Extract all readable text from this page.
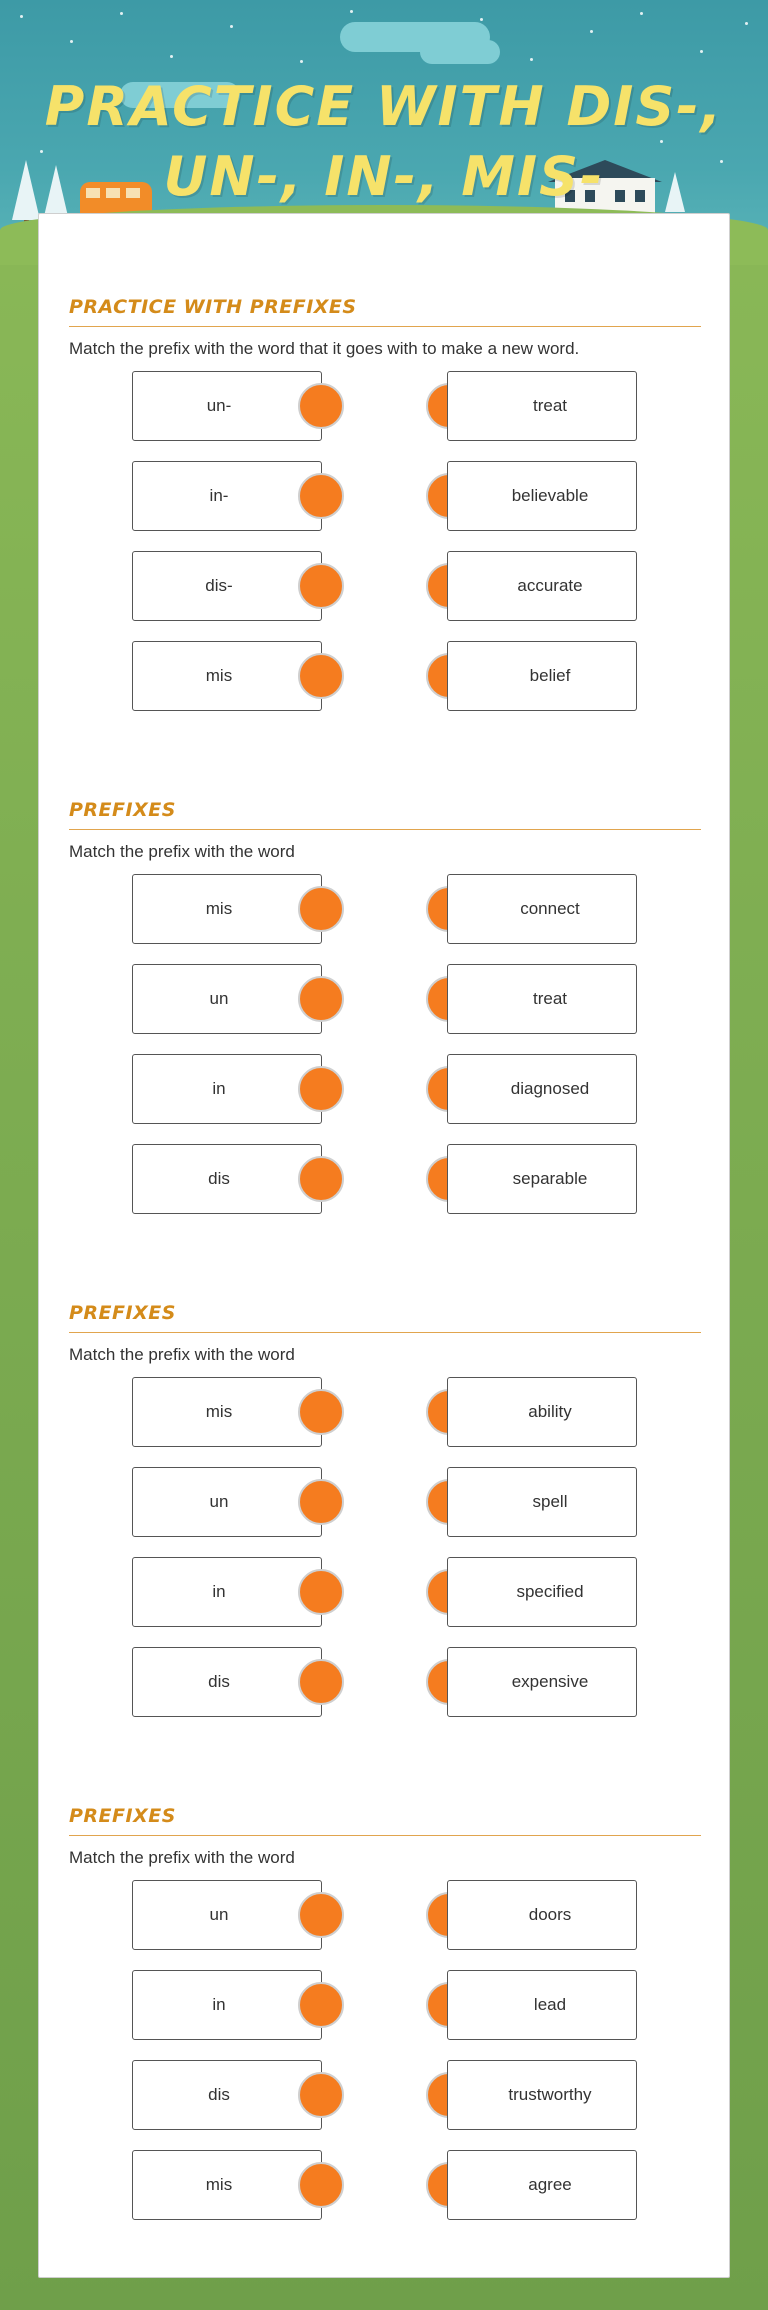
PRACTICE WITH DIS-, UN-, IN-, MIS-
PRACTICE WITH PREFIXES
Match the prefix with the word that it goes with to make a new word.
un-	treat
in-	believable
dis-	accurate
mis	belief
PREFIXES
Match the prefix with the word
mis	connect
un	treat
in	diagnosed
dis	separable
PREFIXES
Match the prefix with the word
mis	ability
un	spell
in	specified
dis	expensive
PREFIXES
Match the prefix with the word
un	doors
in	lead
dis	trustworthy
mis	agree
